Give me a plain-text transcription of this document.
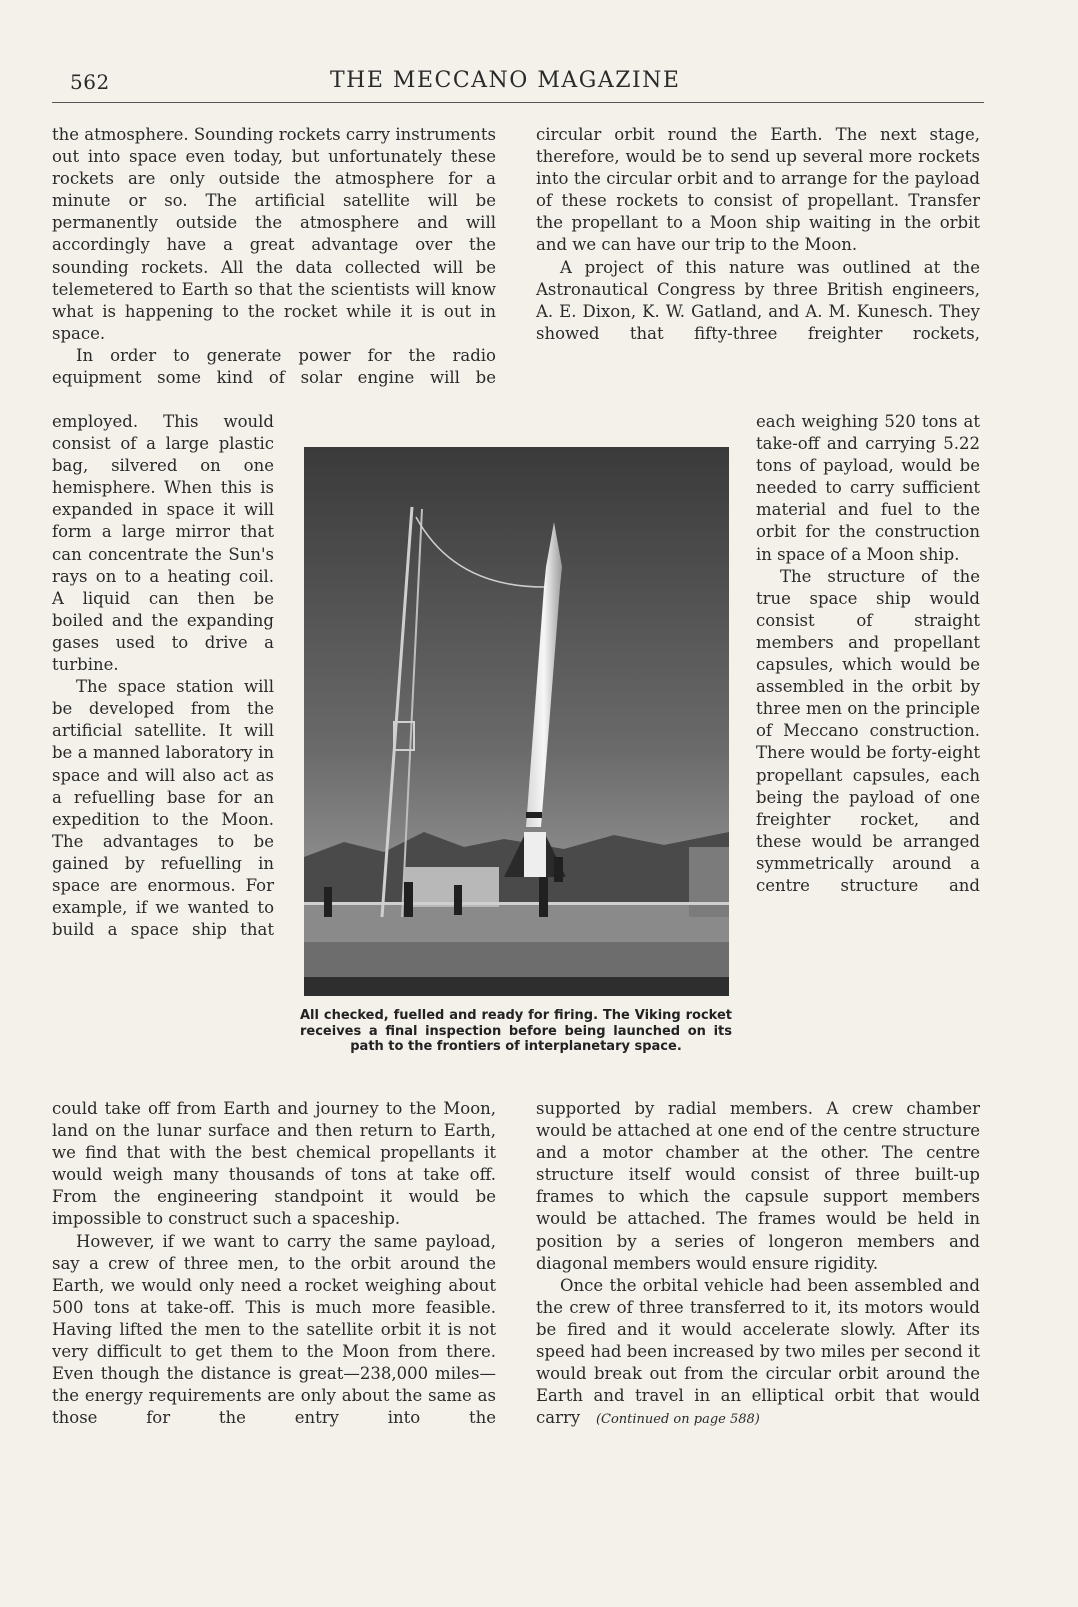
562	THE MECCANO MAGAZINE

the atmosphere. Sounding rockets carry instruments out into space even today, but unfortunately these rockets are only outside the atmosphere for a minute or so. The artificial satellite will be permanently outside the atmosphere and will accordingly have a great advantage over the sounding rockets. All the data collected will be telemetered to Earth so that the scientists will know what is happening to the rocket while it is out in space.

In order to generate power for the radio equipment some kind of solar engine will be

employed. This would consist of a large plastic bag, silvered on one hemisphere. When this is expanded in space it will form a large mirror that can concentrate the Sun's rays on to a heating coil. A liquid can then be boiled and the expanding gases used to drive a turbine.

The space station will be developed from the artificial satellite. It will be a manned laboratory in space and will also act as a refuelling base for an expedition to the Moon. The advantages to be gained by refuelling in space are enormous. For example, if we wanted to build a space ship that

could take off from Earth and journey to the Moon, land on the lunar surface and then return to Earth, we find that with the best chemical propellants it would weigh many thousands of tons at take off. From the engineering standpoint it would be impossible to construct such a spaceship.

However, if we want to carry the same payload, say a crew of three men, to the orbit around the Earth, we would only need a rocket weighing about 500 tons at take-off. This is much more feasible. Having lifted the men to the satellite orbit it is not very difficult to get them to the Moon from there. Even though the distance is great—238,000 miles—the energy requirements are only about the same as those for the entry into the

circular orbit round the Earth. The next stage, therefore, would be to send up several more rockets into the circular orbit and to arrange for the payload of these rockets to consist of propellant. Transfer the propellant to a Moon ship waiting in the orbit and we can have our trip to the Moon.

A project of this nature was outlined at the Astronautical Congress by three British engineers, A. E. Dixon, K. W. Gatland, and A. M. Kunesch. They showed that fifty-three freighter rockets,

each weighing 520 tons at take-off and carrying 5.22 tons of payload, would be needed to carry sufficient material and fuel to the orbit for the construction in space of a Moon ship.

The structure of the true space ship would consist of straight members and propellant capsules, which would be assembled in the orbit by three men on the principle of Meccano construction. There would be forty-eight propellant capsules, each being the payload of one freighter rocket, and these would be arranged symmetrically around a centre structure and

supported by radial members. A crew chamber would be attached at one end of the centre structure and a motor chamber at the other. The centre structure itself would consist of three built-up frames to which the capsule support members would be attached. The frames would be held in position by a series of longeron members and diagonal members would ensure rigidity.

Once the orbital vehicle had been assembled and the crew of three transferred to it, its motors would be fired and it would accelerate slowly. After its speed had been increased by two miles per second it would break out from the circular orbit around the Earth and travel in an elliptical orbit that would carry (Continued on page 588)

All checked, fuelled and ready for firing. The Viking rocket receives a final inspection before being launched on its path to the frontiers of interplanetary space.
